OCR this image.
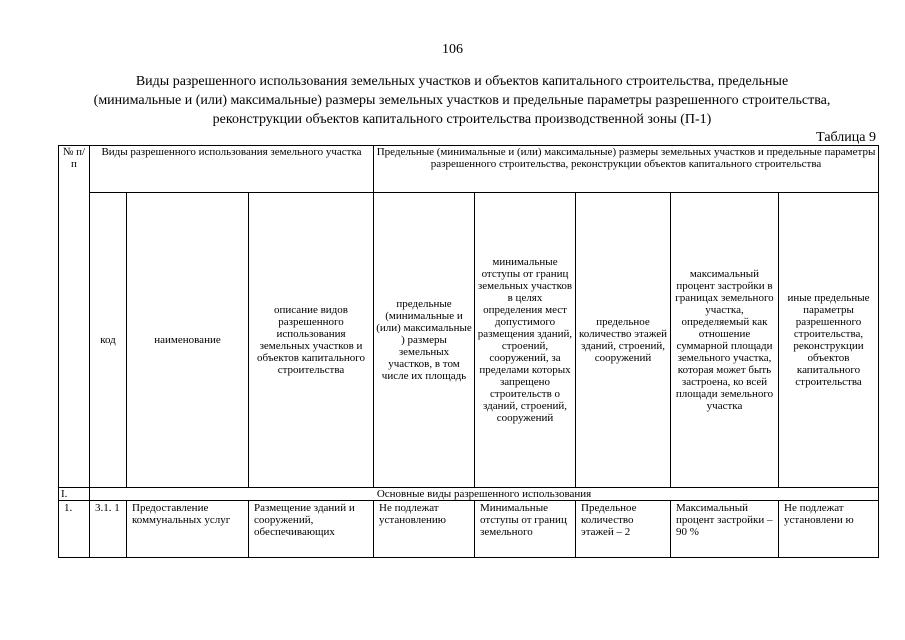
106
Виды разрешенного использования земельных участков и объектов капитального строительства, предельные
(минимальные и (или) максимальные) размеры земельных участков и предельные параметры разрешенного строительства,
реконструкции объектов капитального строительства производственной зоны (П-1)
Таблица 9
№ п/п	Виды разрешенного использования земельного участка			Предельные (минимальные и (или) максимальные) размеры земельных участков и предельные параметры разрешенного строительства, реконструкции объектов капитального строительства				
	код	наименование	описание видов разрешенного использования земельных участков и объектов капитального строительства	предельные (минимальные и (или) максимальные ) размеры земельных участков, в том числе их площадь	минимальные отступы от границ земельных участков в целях определения мест допустимого размещения зданий, строений, сооружений, за пределами которых запрещено строительств о зданий, строений, сооружений	предельное количество этажей зданий, строений, сооружений	максимальный процент застройки в границах земельного участка, определяемый как отношение суммарной площади земельного участка, которая может быть застроена, ко всей площади земельного участка	иные предельные параметры разрешенного строительства, реконструкции объектов капитального строительства
I.	Основные виды разрешенного использования							
1.	3.1. 1	Предоставление коммунальных услуг	Размещение зданий и сооружений, обеспечивающих	Не подлежат установлению	Минимальные отступы от границ земельного	Предельное количество этажей – 2	Максимальный процент застройки – 90 %	Не подлежат установлени ю
